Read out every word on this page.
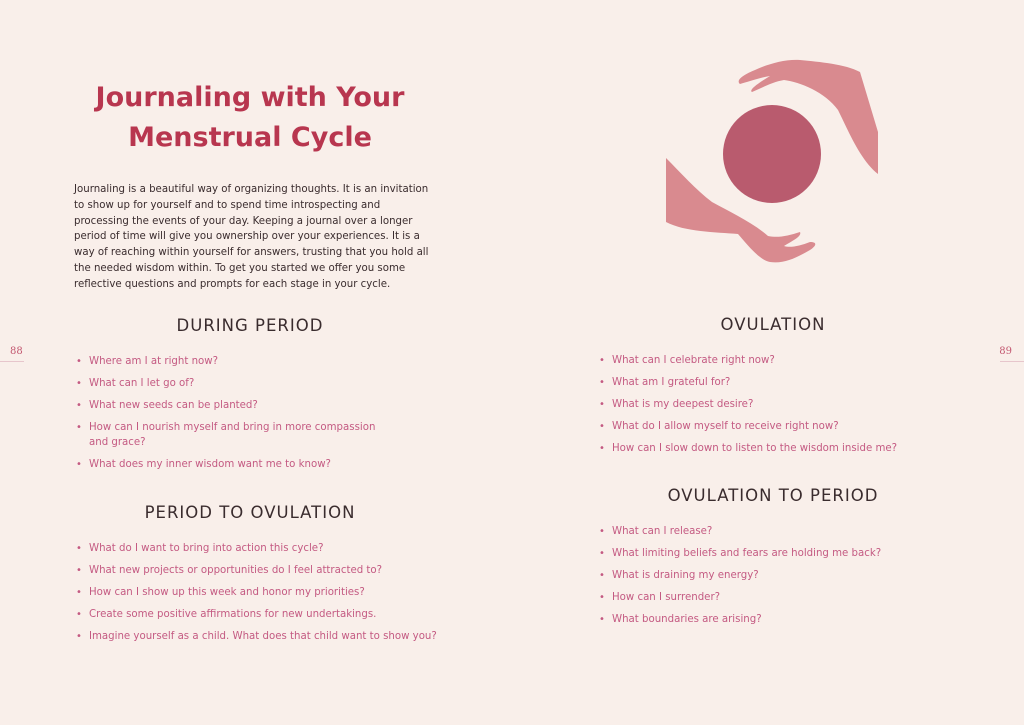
88	89
Journaling with Your
Menstrual Cycle

Journaling is a beautiful way of organizing thoughts. It is an invitation to show up for yourself and to spend time introspecting and processing the events of your day. Keeping a journal over a longer period of time will give you ownership over your experiences. It is a way of reaching within yourself for answers, trusting that you hold all the needed wisdom within. To get you started we offer you some reflective questions and prompts for each stage in your cycle.

DURING PERIOD
• Where am I at right now?
• What can I let go of?
• What new seeds can be planted?
• How can I nourish myself and bring in more compassion and grace?
• What does my inner wisdom want me to know?
PERIOD TO OVULATION
• What do I want to bring into action this cycle?
• What new projects or opportunities do I feel attracted to?
• How can I show up this week and honor my priorities?
• Create some positive affirmations for new undertakings.
• Imagine yourself as a child. What does that child want to show you?
OVULATION
• What can I celebrate right now?
• What am I grateful for?
• What is my deepest desire?
• What do I allow myself to receive right now?
• How can I slow down to listen to the wisdom inside me?
OVULATION TO PERIOD
• What can I release?
• What limiting beliefs and fears are holding me back?
• What is draining my energy?
• How can I surrender?
• What boundaries are arising?
